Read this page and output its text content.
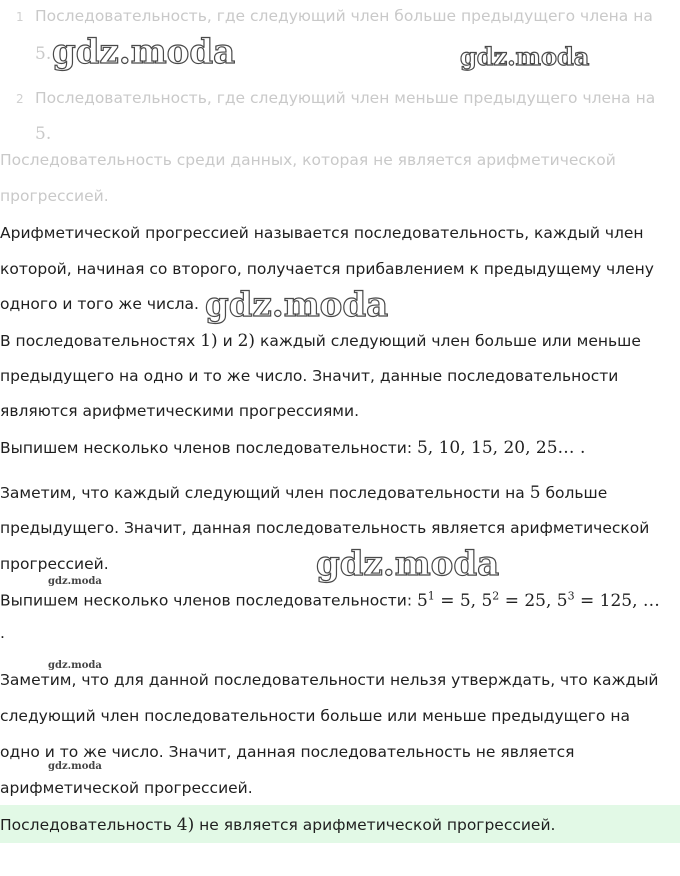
1 Последовательность, где следующий член больше предыдущего члена на
5.
2 Последовательность, где следующий член меньше предыдущего члена на
5.
Последовательность среди данных, которая не является арифметической
прогрессией.
Арифметической прогрессией называется последовательность, каждый член
которой, начиная со второго, получается прибавлением к предыдущему члену
одного и того же числа.
В последовательностях 1) и 2) каждый следующий член больше или меньше
предыдущего на одно и то же число. Значит, данные последовательности
являются арифметическими прогрессиями.
Выпишем несколько членов последовательности: 5, 10, 15, 20, 25… .
Заметим, что каждый следующий член последовательности на 5 больше
предыдущего. Значит, данная последовательность является арифметической
прогрессией.
Выпишем несколько членов последовательности: $5^1 = 5$, $5^2 = 25$, $5^3 = 125$, …
.
Заметим, что для данной последовательности нельзя утверждать, что каждый
следующий член последовательности больше или меньше предыдущего на
одно и то же число. Значит, данная последовательность не является
арифметической прогрессией.
Последовательность 4) не является арифметической прогрессией.
gdz.moda	gdz.moda
gdz.moda
gdz.moda
gdz.moda
gdz.moda
gdz.moda
